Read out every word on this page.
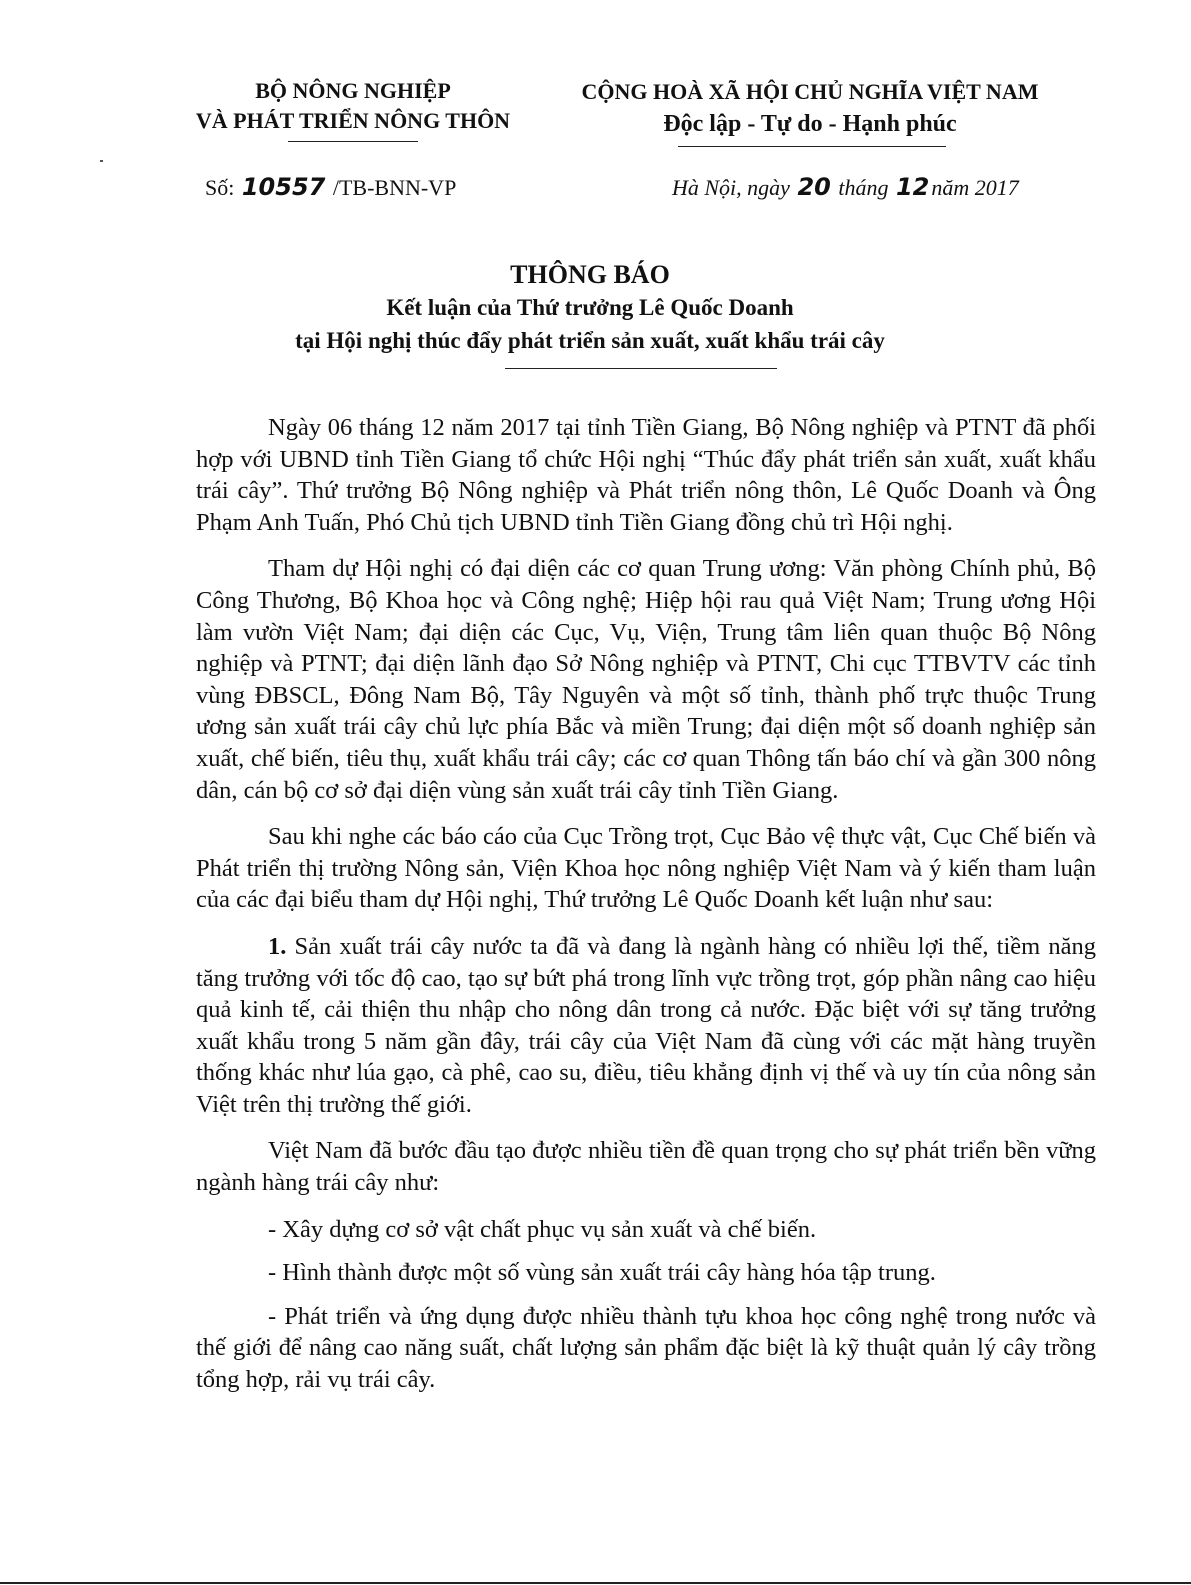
BỘ NÔNG NGHIỆP
VÀ PHÁT TRIỂN NÔNG THÔN
CỘNG HOÀ XÃ HỘI CHỦ NGHĨA VIỆT NAM
Độc lập - Tự do - Hạnh phúc
Số: 10557 /TB-BNN-VP	Hà Nội, ngày 20 tháng 12năm 2017
THÔNG BÁO
Kết luận của Thứ trưởng Lê Quốc Doanh
tại Hội nghị thúc đẩy phát triển sản xuất, xuất khẩu trái cây

Ngày 06 tháng 12 năm 2017 tại tỉnh Tiền Giang, Bộ Nông nghiệp và PTNT đã phối hợp với UBND tỉnh Tiền Giang tổ chức Hội nghị “Thúc đẩy phát triển sản xuất, xuất khẩu trái cây”. Thứ trưởng Bộ Nông nghiệp và Phát triển nông thôn, Lê Quốc Doanh và Ông Phạm Anh Tuấn, Phó Chủ tịch UBND tỉnh Tiền Giang đồng chủ trì Hội nghị.

Tham dự Hội nghị có đại diện các cơ quan Trung ương: Văn phòng Chính phủ, Bộ Công Thương, Bộ Khoa học và Công nghệ; Hiệp hội rau quả Việt Nam; Trung ương Hội làm vườn Việt Nam; đại diện các Cục, Vụ, Viện, Trung tâm liên quan thuộc Bộ Nông nghiệp và PTNT; đại diện lãnh đạo Sở Nông nghiệp và PTNT, Chi cục TTBVTV các tỉnh vùng ĐBSCL, Đông Nam Bộ, Tây Nguyên và một số tỉnh, thành phố trực thuộc Trung ương sản xuất trái cây chủ lực phía Bắc và miền Trung; đại diện một số doanh nghiệp sản xuất, chế biến, tiêu thụ, xuất khẩu trái cây; các cơ quan Thông tấn báo chí và gần 300 nông dân, cán bộ cơ sở đại diện vùng sản xuất trái cây tỉnh Tiền Giang.

Sau khi nghe các báo cáo của Cục Trồng trọt, Cục Bảo vệ thực vật, Cục Chế biến và Phát triển thị trường Nông sản, Viện Khoa học nông nghiệp Việt Nam và ý kiến tham luận của các đại biểu tham dự Hội nghị, Thứ trưởng Lê Quốc Doanh kết luận như sau:

1. Sản xuất trái cây nước ta đã và đang là ngành hàng có nhiều lợi thế, tiềm năng tăng trưởng với tốc độ cao, tạo sự bứt phá trong lĩnh vực trồng trọt, góp phần nâng cao hiệu quả kinh tế, cải thiện thu nhập cho nông dân trong cả nước. Đặc biệt với sự tăng trưởng xuất khẩu trong 5 năm gần đây, trái cây của Việt Nam đã cùng với các mặt hàng truyền thống khác như lúa gạo, cà phê, cao su, điều, tiêu khẳng định vị thế và uy tín của nông sản Việt trên thị trường thế giới.

Việt Nam đã bước đầu tạo được nhiều tiền đề quan trọng cho sự phát triển bền vững ngành hàng trái cây như:

- Xây dựng cơ sở vật chất phục vụ sản xuất và chế biến.

- Hình thành được một số vùng sản xuất trái cây hàng hóa tập trung.

- Phát triển và ứng dụng được nhiều thành tựu khoa học công nghệ trong nước và thế giới để nâng cao năng suất, chất lượng sản phẩm đặc biệt là kỹ thuật quản lý cây trồng tổng hợp, rải vụ trái cây.
